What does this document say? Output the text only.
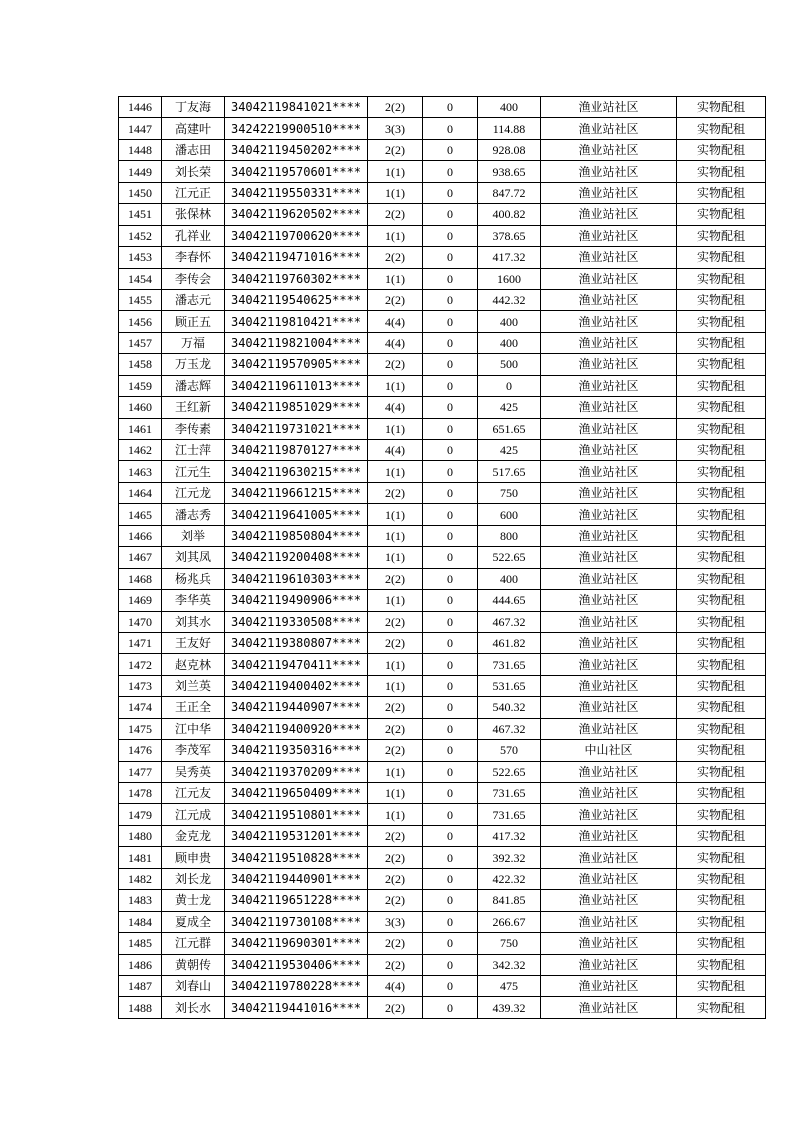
1446	丁友海	34042119841021****	2(2)	0	400	渔业站社区	实物配租
1447	高建叶	34242219900510****	3(3)	0	114.88	渔业站社区	实物配租
1448	潘志田	34042119450202****	2(2)	0	928.08	渔业站社区	实物配租
1449	刘长荣	34042119570601****	1(1)	0	938.65	渔业站社区	实物配租
1450	江元正	34042119550331****	1(1)	0	847.72	渔业站社区	实物配租
1451	张保林	34042119620502****	2(2)	0	400.82	渔业站社区	实物配租
1452	孔祥业	34042119700620****	1(1)	0	378.65	渔业站社区	实物配租
1453	李春怀	34042119471016****	2(2)	0	417.32	渔业站社区	实物配租
1454	李传会	34042119760302****	1(1)	0	1600	渔业站社区	实物配租
1455	潘志元	34042119540625****	2(2)	0	442.32	渔业站社区	实物配租
1456	顾正五	34042119810421****	4(4)	0	400	渔业站社区	实物配租
1457	万福	34042119821004****	4(4)	0	400	渔业站社区	实物配租
1458	万玉龙	34042119570905****	2(2)	0	500	渔业站社区	实物配租
1459	潘志辉	34042119611013****	1(1)	0	0	渔业站社区	实物配租
1460	王红新	34042119851029****	4(4)	0	425	渔业站社区	实物配租
1461	李传素	34042119731021****	1(1)	0	651.65	渔业站社区	实物配租
1462	江士萍	34042119870127****	4(4)	0	425	渔业站社区	实物配租
1463	江元生	34042119630215****	1(1)	0	517.65	渔业站社区	实物配租
1464	江元龙	34042119661215****	2(2)	0	750	渔业站社区	实物配租
1465	潘志秀	34042119641005****	1(1)	0	600	渔业站社区	实物配租
1466	刘举	34042119850804****	1(1)	0	800	渔业站社区	实物配租
1467	刘其凤	34042119200408****	1(1)	0	522.65	渔业站社区	实物配租
1468	杨兆兵	34042119610303****	2(2)	0	400	渔业站社区	实物配租
1469	李华英	34042119490906****	1(1)	0	444.65	渔业站社区	实物配租
1470	刘其水	34042119330508****	2(2)	0	467.32	渔业站社区	实物配租
1471	王友好	34042119380807****	2(2)	0	461.82	渔业站社区	实物配租
1472	赵克林	34042119470411****	1(1)	0	731.65	渔业站社区	实物配租
1473	刘兰英	34042119400402****	1(1)	0	531.65	渔业站社区	实物配租
1474	王正全	34042119440907****	2(2)	0	540.32	渔业站社区	实物配租
1475	江中华	34042119400920****	2(2)	0	467.32	渔业站社区	实物配租
1476	李茂军	34042119350316****	2(2)	0	570	中山社区	实物配租
1477	吴秀英	34042119370209****	1(1)	0	522.65	渔业站社区	实物配租
1478	江元友	34042119650409****	1(1)	0	731.65	渔业站社区	实物配租
1479	江元成	34042119510801****	1(1)	0	731.65	渔业站社区	实物配租
1480	金克龙	34042119531201****	2(2)	0	417.32	渔业站社区	实物配租
1481	顾申贵	34042119510828****	2(2)	0	392.32	渔业站社区	实物配租
1482	刘长龙	34042119440901****	2(2)	0	422.32	渔业站社区	实物配租
1483	黄士龙	34042119651228****	2(2)	0	841.85	渔业站社区	实物配租
1484	夏成全	34042119730108****	3(3)	0	266.67	渔业站社区	实物配租
1485	江元群	34042119690301****	2(2)	0	750	渔业站社区	实物配租
1486	黄朝传	34042119530406****	2(2)	0	342.32	渔业站社区	实物配租
1487	刘春山	34042119780228****	4(4)	0	475	渔业站社区	实物配租
1488	刘长水	34042119441016****	2(2)	0	439.32	渔业站社区	实物配租
